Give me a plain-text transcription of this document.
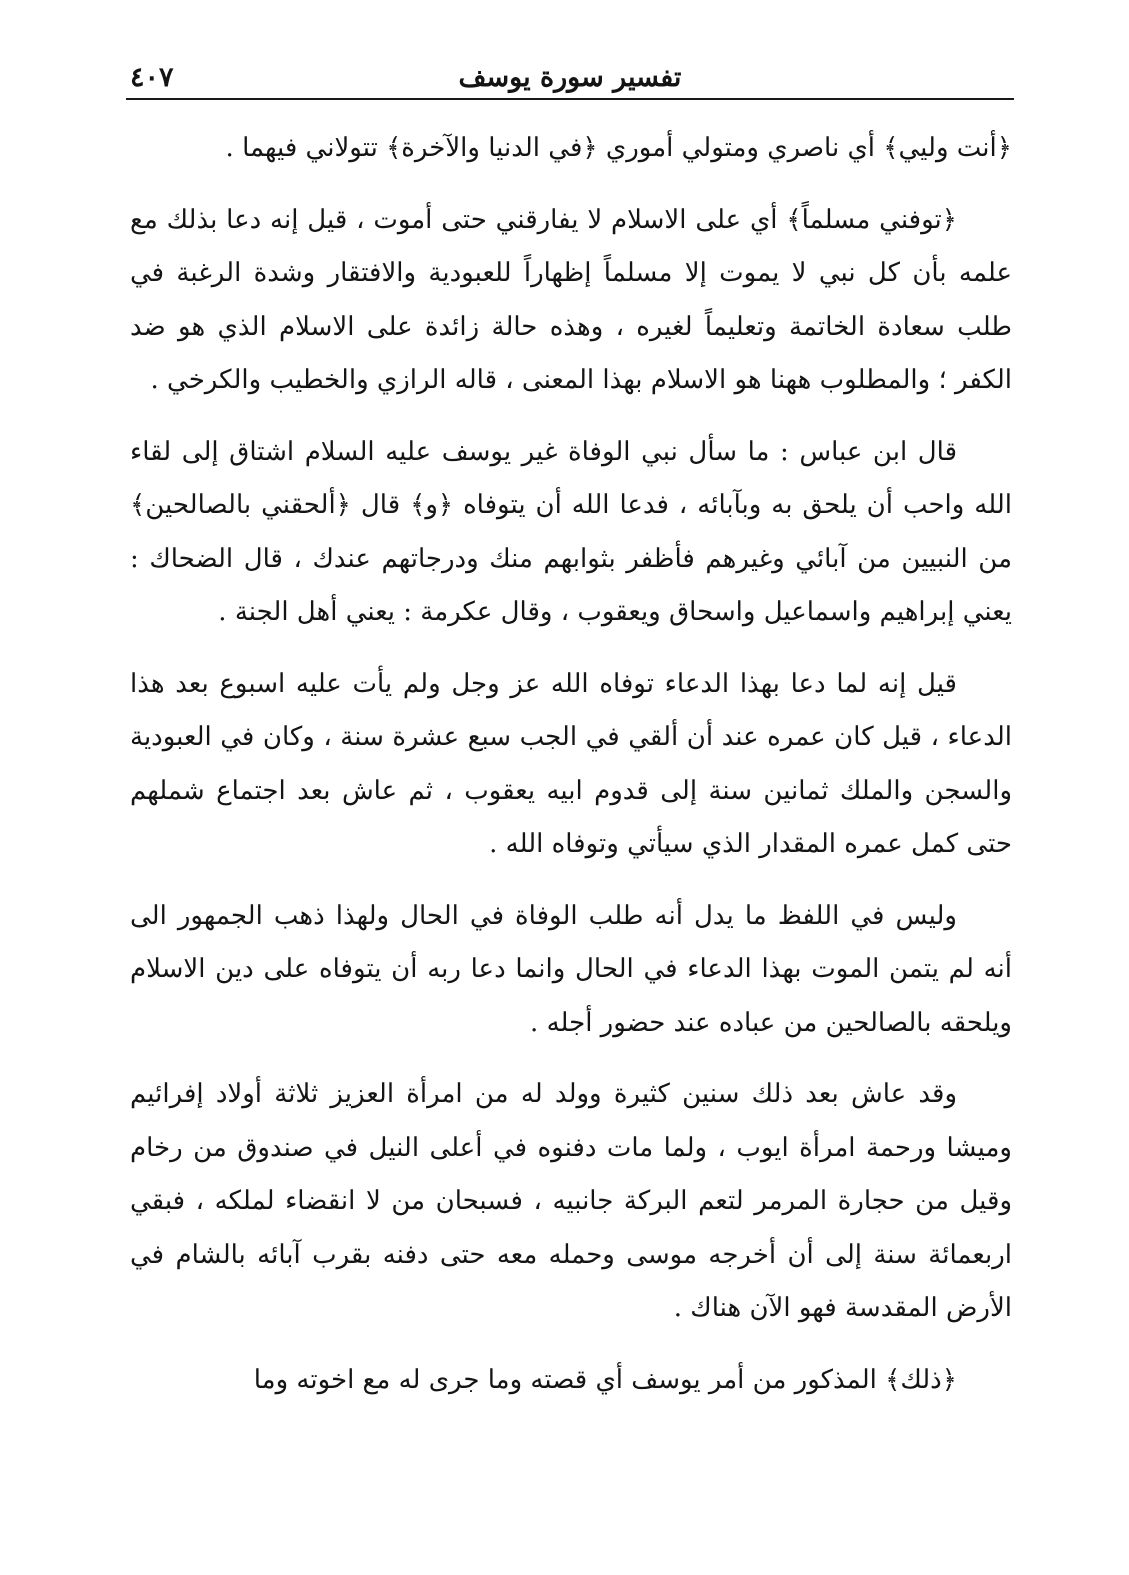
تفسير سورة يوسف
٤٠٧

﴿أنت وليي﴾ أي ناصري ومتولي أموري ﴿في الدنيا والآخرة﴾ تتولاني فيهما .

﴿توفني مسلماً﴾ أي على الاسلام لا يفارقني حتى أموت ، قيل إنه دعا بذلك مع علمه بأن كل نبي لا يموت إلا مسلماً إظهاراً للعبودية والافتقار وشدة الرغبة في طلب سعادة الخاتمة وتعليماً لغيره ، وهذه حالة زائدة على الاسلام الذي هو ضد الكفر ؛ والمطلوب ههنا هو الاسلام بهذا المعنى ، قاله الرازي والخطيب والكرخي .

قال ابن عباس : ما سأل نبي الوفاة غير يوسف عليه السلام اشتاق إلى لقاء الله واحب أن يلحق به وبآبائه ، فدعا الله أن يتوفاه ﴿و﴾ قال ﴿ألحقني بالصالحين﴾ من النبيين من آبائي وغيرهم فأظفر بثوابهم منك ودرجاتهم عندك ، قال الضحاك : يعني إبراهيم واسماعيل واسحاق ويعقوب ، وقال عكرمة : يعني أهل الجنة .

قيل إنه لما دعا بهذا الدعاء توفاه الله عز وجل ولم يأت عليه اسبوع بعد هذا الدعاء ، قيل كان عمره عند أن ألقي في الجب سبع عشرة سنة ، وكان في العبودية والسجن والملك ثمانين سنة إلى قدوم ابيه يعقوب ، ثم عاش بعد اجتماع شملهم حتى كمل عمره المقدار الذي سيأتي وتوفاه الله .

وليس في اللفظ ما يدل أنه طلب الوفاة في الحال ولهذا ذهب الجمهور الى أنه لم يتمن الموت بهذا الدعاء في الحال وانما دعا ربه أن يتوفاه على دين الاسلام ويلحقه بالصالحين من عباده عند حضور أجله .

وقد عاش بعد ذلك سنين كثيرة وولد له من امرأة العزيز ثلاثة أولاد إفرائيم وميشا ورحمة امرأة ايوب ، ولما مات دفنوه في أعلى النيل في صندوق من رخام وقيل من حجارة المرمر لتعم البركة جانبيه ، فسبحان من لا انقضاء لملكه ، فبقي اربعمائة سنة إلى أن أخرجه موسى وحمله معه حتى دفنه بقرب آبائه بالشام في الأرض المقدسة فهو الآن هناك .

﴿ذلك﴾ المذكور من أمر يوسف أي قصته وما جرى له مع اخوته وما
